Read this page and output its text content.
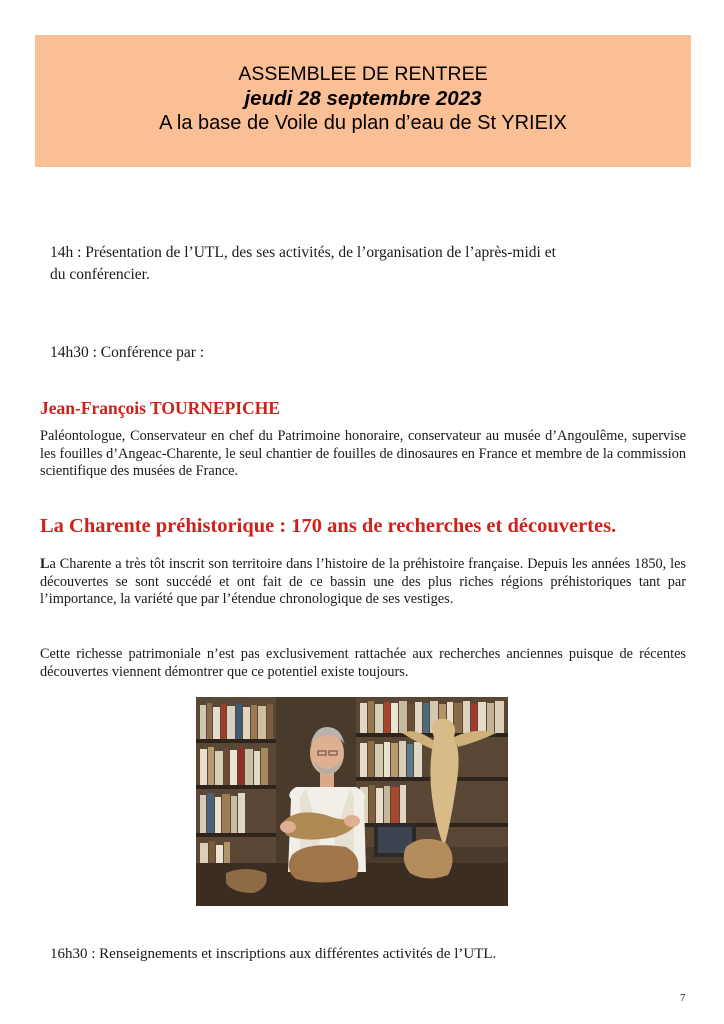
ASSEMBLEE DE RENTREE
jeudi 28 septembre 2023
A la base de Voile du plan d’eau de St YRIEIX

14h : Présentation de l’UTL, des ses activités, de l’organisation de l’après-midi et

du conférencier.

14h30 : Conférence par :

Jean-François TOURNEPICHE

Paléontologue, Conservateur en chef du Patrimoine honoraire, conservateur au musée d’Angoulême, supervise les fouilles d’Angeac-Charente, le seul chantier de fouilles de dinosaures en France et membre de la commission scientifique des musées de France.

La Charente préhistorique : 170 ans de recherches et découvertes.

La Charente a très tôt inscrit son territoire dans l’histoire de la préhistoire française. Depuis les années 1850, les découvertes se sont succédé et ont fait de ce bassin une des plus riches régions préhistoriques tant par l’importance, la variété que par l’étendue chronologique de ses vestiges.

Cette richesse patrimoniale n’est pas exclusivement rattachée aux recherches anciennes puisque de récentes découvertes viennent démontrer que ce potentiel existe toujours.

16h30 : Renseignements et inscriptions aux différentes activités de l’UTL.

7
